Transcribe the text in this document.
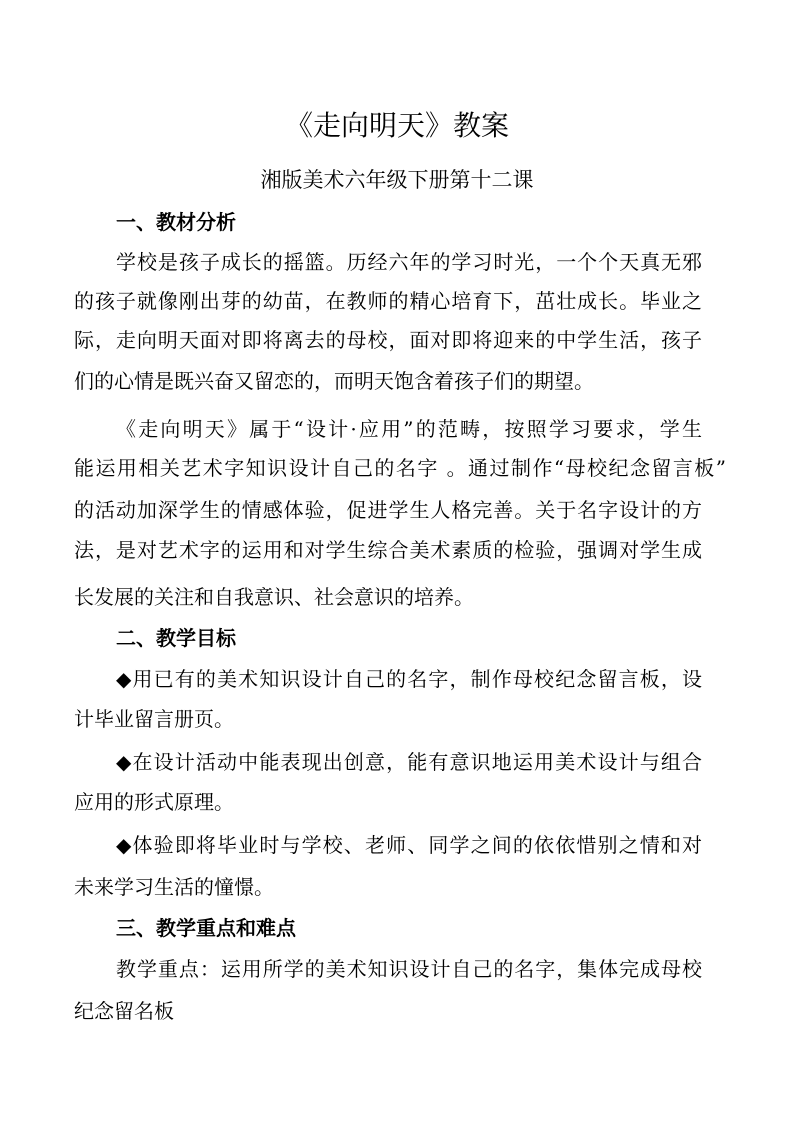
《走向明天》教案
湘版美术六年级下册第十二课
一、教材分析
学校是孩子成长的摇篮。历经六年的学习时光，一个个天真无邪
的孩子就像刚出芽的幼苗，在教师的精心培育下，茁壮成长。毕业之
际，走向明天面对即将离去的母校，面对即将迎来的中学生活，孩子
们的心情是既兴奋又留恋的，而明天饱含着孩子们的期望。
《走向明天》属于“设计·应用”的范畴，按照学习要求，学生
能运用相关艺术字知识设计自己的名字 。通过制作“母校纪念留言板”
的活动加深学生的情感体验，促进学生人格完善。关于名字设计的方
法，是对艺术字的运用和对学生综合美术素质的检验，强调对学生成
长发展的关注和自我意识、社会意识的培养。
二、教学目标
◆用已有的美术知识设计自己的名字，制作母校纪念留言板，设
计毕业留言册页。
◆在设计活动中能表现出创意，能有意识地运用美术设计与组合
应用的形式原理。
◆体验即将毕业时与学校、老师、同学之间的依依惜别之情和对
未来学习生活的憧憬。
三、教学重点和难点
教学重点：运用所学的美术知识设计自己的名字，集体完成母校
纪念留名板
